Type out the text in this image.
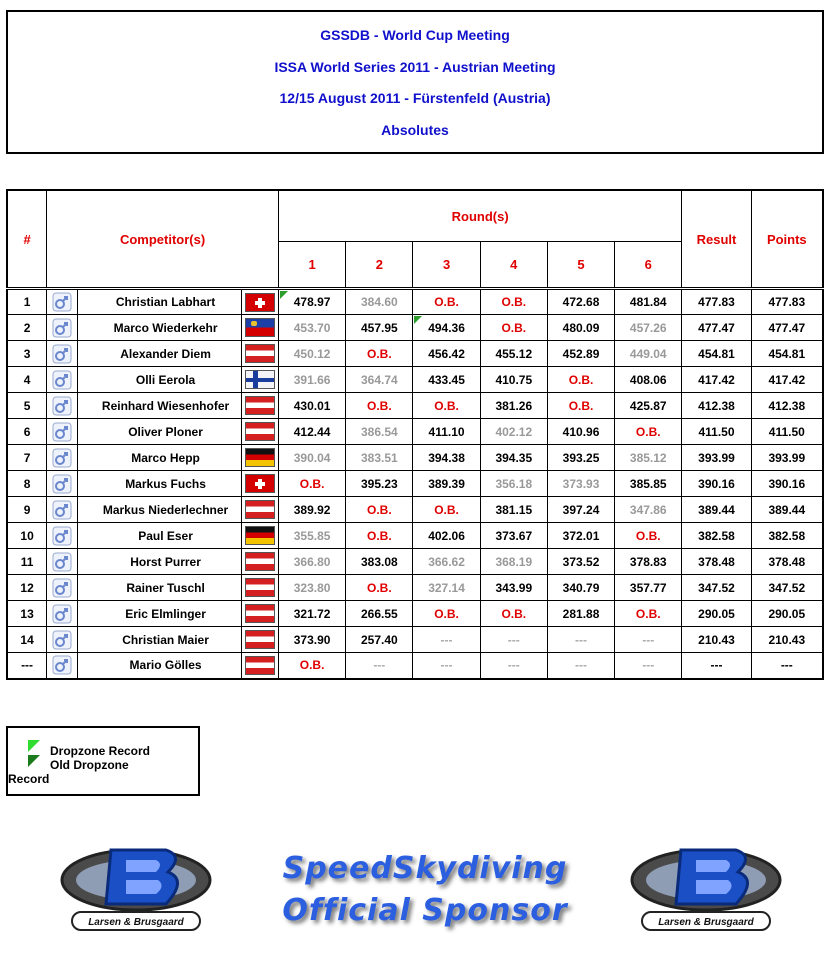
GSSDB - World Cup Meeting
ISSA World Series 2011 - Austrian Meeting
12/15 August 2011 - Fürstenfeld (Austria)
Absolutes
#	Competitor(s)			Round(s)						Result	Points
				1	2	3	4	5	6		
1		Christian Labhart		478.97	384.60	O.B.	O.B.	472.68	481.84	477.83	477.83
2		Marco Wiederkehr		453.70	457.95	494.36	O.B.	480.09	457.26	477.47	477.47
3		Alexander Diem		450.12	O.B.	456.42	455.12	452.89	449.04	454.81	454.81
4		Olli Eerola		391.66	364.74	433.45	410.75	O.B.	408.06	417.42	417.42
5		Reinhard Wiesenhofer		430.01	O.B.	O.B.	381.26	O.B.	425.87	412.38	412.38
6		Oliver Ploner		412.44	386.54	411.10	402.12	410.96	O.B.	411.50	411.50
7		Marco Hepp		390.04	383.51	394.38	394.35	393.25	385.12	393.99	393.99
8		Markus Fuchs		O.B.	395.23	389.39	356.18	373.93	385.85	390.16	390.16
9		Markus Niederlechner		389.92	O.B.	O.B.	381.15	397.24	347.86	389.44	389.44
10		Paul Eser		355.85	O.B.	402.06	373.67	372.01	O.B.	382.58	382.58
11		Horst Purrer		366.80	383.08	366.62	368.19	373.52	378.83	378.48	378.48
12		Rainer Tuschl		323.80	O.B.	327.14	343.99	340.79	357.77	347.52	347.52
13		Eric Elmlinger		321.72	266.55	O.B.	O.B.	281.88	O.B.	290.05	290.05
14		Christian Maier		373.90	257.40	---	---	---	---	210.43	210.43
---		Mario Gölles		O.B.	---	---	---	---	---	---	---
Dropzone Record
Old Dropzone
Record
Larsen & Brusgaard
SpeedSkydiving
Official Sponsor	Larsen & Brusgaard
